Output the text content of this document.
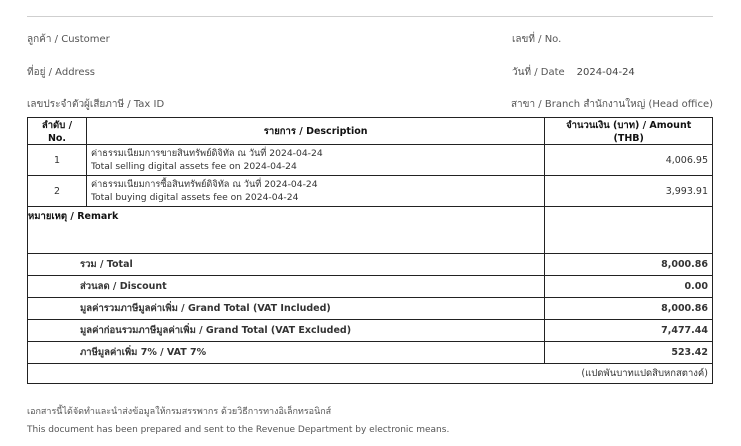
ลูกค้า / Customer
ที่อยู่ / Address
เลขประจำตัวผู้เสียภาษี / Tax ID
เลขที่ / No.
วันที่ / Date 2024-04-24
สาขา / Branch สำนักงานใหญ่ (Head office)
ลำดับ / No.	รายการ / Description	จำนวนเงิน (บาท) / Amount (THB)
1	ค่าธรรมเนียมการขายสินทรัพย์ดิจิทัล ณ วันที่ 2024-04-24
Total selling digital assets fee on 2024-04-24	4,006.95
2	ค่าธรรมเนียมการซื้อสินทรัพย์ดิจิทัล ณ วันที่ 2024-04-24
Total buying digital assets fee on 2024-04-24	3,993.91
หมายเหตุ / Remark		
รวม / Total		8,000.86
ส่วนลด / Discount		0.00
มูลค่ารวมภาษีมูลค่าเพิ่ม / Grand Total (VAT Included)		8,000.86
มูลค่าก่อนรวมภาษีมูลค่าเพิ่ม / Grand Total (VAT Excluded)		7,477.44
ภาษีมูลค่าเพิ่ม 7% / VAT 7%		523.42
(แปดพันบาทแปดสิบหกสตางค์)		
เอกสารนี้ได้จัดทำและนำส่งข้อมูลให้กรมสรรพากร ด้วยวิธีการทางอิเล็กทรอนิกส์
This document has been prepared and sent to the Revenue Department by electronic means.
